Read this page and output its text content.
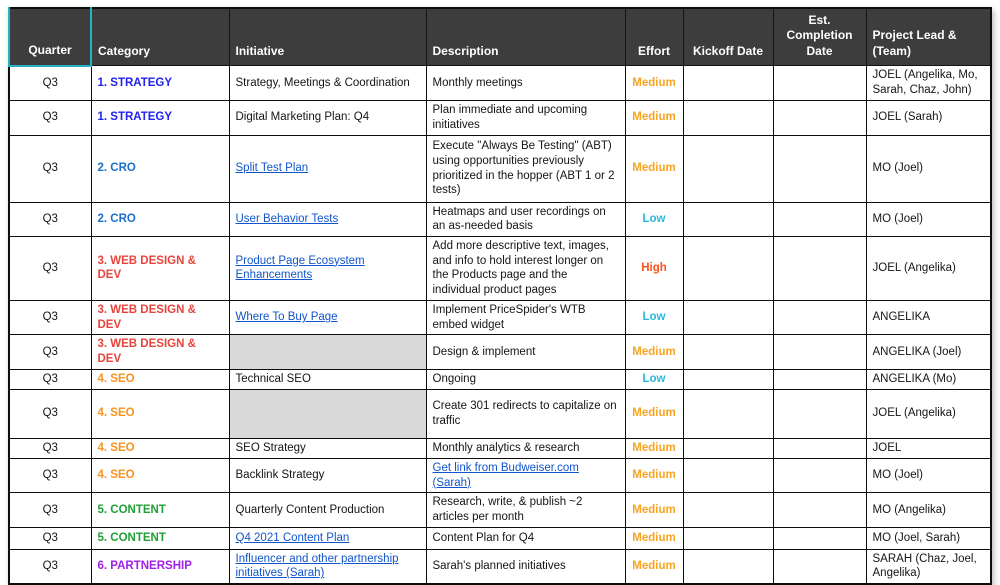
Quarter	Category	Initiative	Description	Effort	Kickoff Date	Est. Completion Date	Project Lead & (Team)
Q3	1. STRATEGY	Strategy, Meetings & Coordination	Monthly meetings	Medium			JOEL (Angelika, Mo, Sarah, Chaz, John)
Q3	1. STRATEGY	Digital Marketing Plan: Q4	Plan immediate and upcoming initiatives	Medium			JOEL (Sarah)
Q3	2. CRO	Split Test Plan	Execute "Always Be Testing" (ABT) using opportunities previously prioritized in the hopper (ABT 1 or 2 tests)	Medium			MO (Joel)
Q3	2. CRO	User Behavior Tests	Heatmaps and user recordings on an as-needed basis	Low			MO (Joel)
Q3	3. WEB DESIGN & DEV	Product Page Ecosystem Enhancements	Add more descriptive text, images, and info to hold interest longer on the Products page and the individual product pages	High			JOEL (Angelika)
Q3	3. WEB DESIGN & DEV	Where To Buy Page	Implement PriceSpider's WTB embed widget	Low			ANGELIKA
Q3	3. WEB DESIGN & DEV		Design & implement	Medium			ANGELIKA (Joel)
Q3	4. SEO	Technical SEO	Ongoing	Low			ANGELIKA (Mo)
Q3	4. SEO		Create 301 redirects to capitalize on traffic	Medium			JOEL (Angelika)
Q3	4. SEO	SEO Strategy	Monthly analytics & research	Medium			JOEL
Q3	4. SEO	Backlink Strategy	Get link from Budweiser.com (Sarah)	Medium			MO (Joel)
Q3	5. CONTENT	Quarterly Content Production	Research, write, & publish ~2 articles per month	Medium			MO (Angelika)
Q3	5. CONTENT	Q4 2021 Content Plan	Content Plan for Q4	Medium			MO (Joel, Sarah)
Q3	6. PARTNERSHIP	Influencer and other partnership initiatives (Sarah)	Sarah's planned initiatives	Medium			SARAH (Chaz, Joel, Angelika)
